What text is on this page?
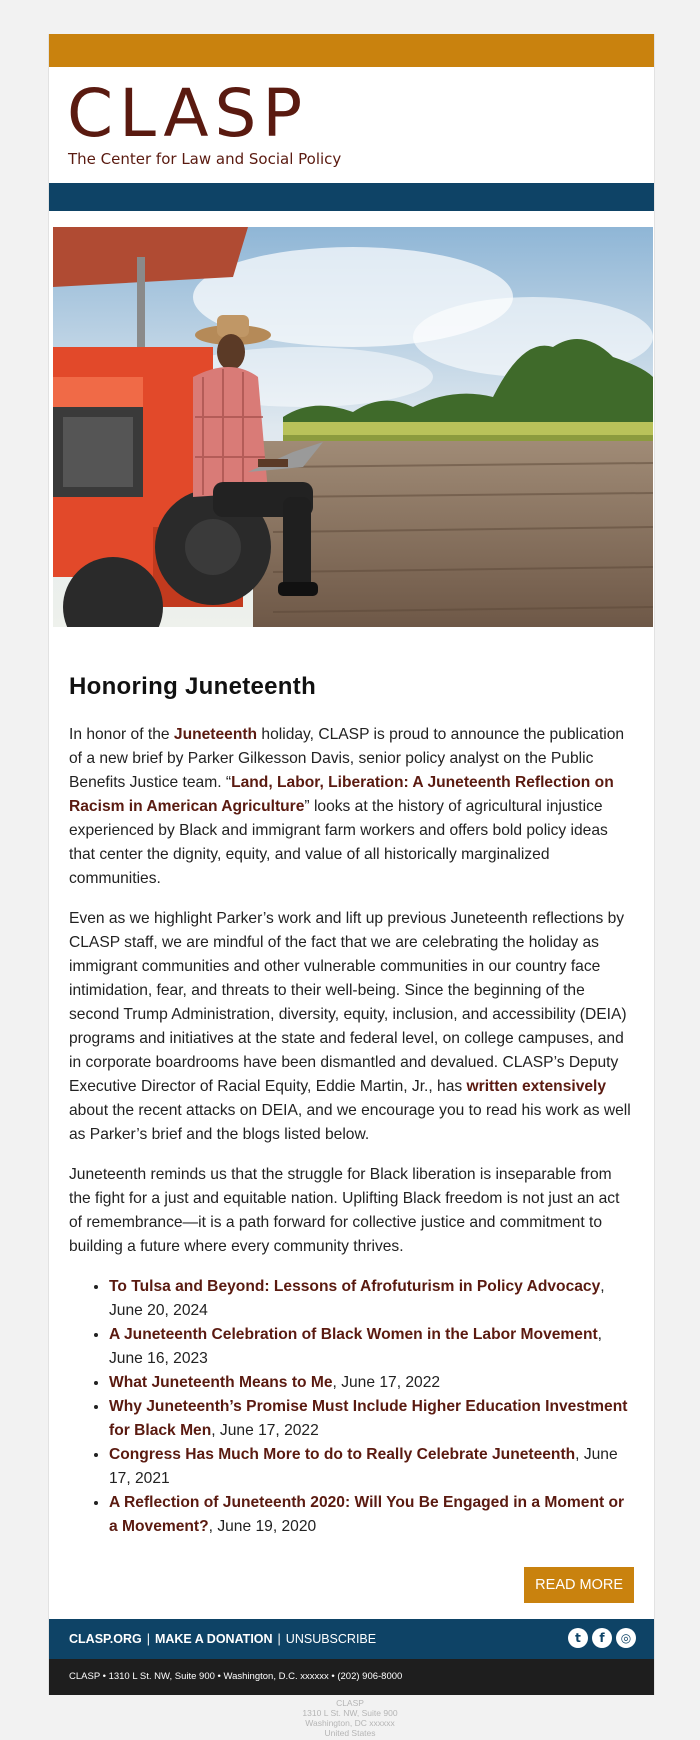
CLASP
The Center for Law and Social Policy
Honoring Juneteenth

In honor of the Juneteenth holiday, CLASP is proud to announce the publication of a new brief by Parker Gilkesson Davis, senior policy analyst on the Public Benefits Justice team. “Land, Labor, Liberation: A Juneteenth Reflection on Racism in American Agriculture” looks at the history of agricultural injustice experienced by Black and immigrant farm workers and offers bold policy ideas that center the dignity, equity, and value of all historically marginalized communities.

Even as we highlight Parker’s work and lift up previous Juneteenth reflections by CLASP staff, we are mindful of the fact that we are celebrating the holiday as immigrant communities and other vulnerable communities in our country face intimidation, fear, and threats to their well-being. Since the beginning of the second Trump Administration, diversity, equity, inclusion, and accessibility (DEIA) programs and initiatives at the state and federal level, on college campuses, and in corporate boardrooms have been dismantled and devalued. CLASP’s Deputy Executive Director of Racial Equity, Eddie Martin, Jr., has written extensively about the recent attacks on DEIA, and we encourage you to read his work as well as Parker’s brief and the blogs listed below.

Juneteenth reminds us that the struggle for Black liberation is inseparable from the fight for a just and equitable nation. Uplifting Black freedom is not just an act of remembrance—it is a path forward for collective justice and commitment to building a future where every community thrives.

• To Tulsa and Beyond: Lessons of Afrofuturism in Policy Advocacy, June 20, 2024
• A Juneteenth Celebration of Black Women in the Labor Movement, June 16, 2023
• What Juneteenth Means to Me, June 17, 2022
• Why Juneteenth’s Promise Must Include Higher Education Investment for Black Men, June 17, 2022
• Congress Has Much More to do to Really Celebrate Juneteenth, June 17, 2021
• A Reflection of Juneteenth 2020: Will You Be Engaged in a Moment or a Movement?, June 19, 2020
READ MORE
CLASP.ORG | MAKE A DONATION | UNSUBSCRIBE	t	f	◎
CLASP • 1310 L St. NW, Suite 900 • Washington, D.C. xxxxxx • (202) 906-8000
CLASP
1310 L St. NW, Suite 900
Washington, DC xxxxxx
United States
